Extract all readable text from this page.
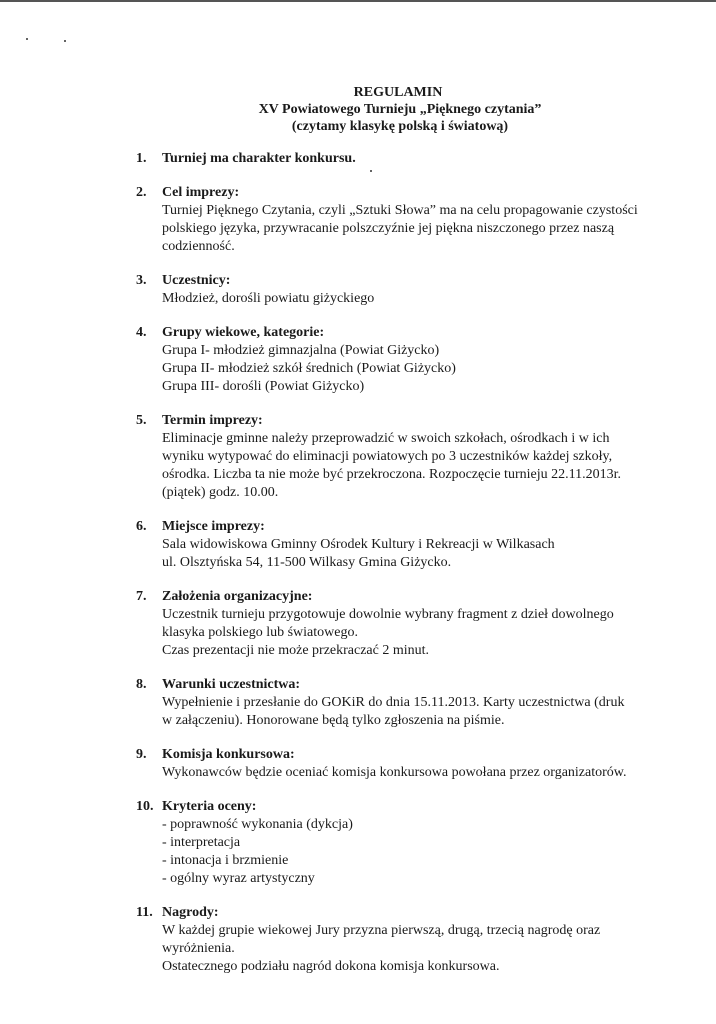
REGULAMIN
XV Powiatowego Turnieju „Pięknego czytania”
(czytamy klasykę polską i światową)
1. Turniej ma charakter konkursu.
2. Cel imprezy:
Turniej Pięknego Czytania, czyli „Sztuki Słowa” ma na celu propagowanie czystości
polskiego języka, przywracanie polszczyźnie jej piękna niszczonego przez naszą
codzienność.
3. Uczestnicy:
Młodzież, dorośli powiatu giżyckiego
4. Grupy wiekowe, kategorie:
Grupa I- młodzież gimnazjalna (Powiat Giżycko)
Grupa II- młodzież szkół średnich (Powiat Giżycko)
Grupa III- dorośli (Powiat Giżycko)
5. Termin imprezy:
Eliminacje gminne należy przeprowadzić w swoich szkołach, ośrodkach i w ich
wyniku wytypować do eliminacji powiatowych po 3 uczestników każdej szkoły,
ośrodka. Liczba ta nie może być przekroczona. Rozpoczęcie turnieju 22.11.2013r.
(piątek) godz. 10.00.
6. Miejsce imprezy:
Sala widowiskowa Gminny Ośrodek Kultury i Rekreacji w Wilkasach
ul. Olsztyńska 54, 11-500 Wilkasy Gmina Giżycko.
7. Założenia organizacyjne:
Uczestnik turnieju przygotowuje dowolnie wybrany fragment z dzieł dowolnego
klasyka polskiego lub światowego.
Czas prezentacji nie może przekraczać 2 minut.
8. Warunki uczestnictwa:
Wypełnienie i przesłanie do GOKiR do dnia 15.11.2013. Karty uczestnictwa (druk
w załączeniu). Honorowane będą tylko zgłoszenia na piśmie.
9. Komisja konkursowa:
Wykonawców będzie oceniać komisja konkursowa powołana przez organizatorów.
10. Kryteria oceny:
- poprawność wykonania (dykcja)
- interpretacja
- intonacja i brzmienie
- ogólny wyraz artystyczny
11. Nagrody:
W każdej grupie wiekowej Jury przyzna pierwszą, drugą, trzecią nagrodę oraz
wyróżnienia.
Ostatecznego podziału nagród dokona komisja konkursowa.
